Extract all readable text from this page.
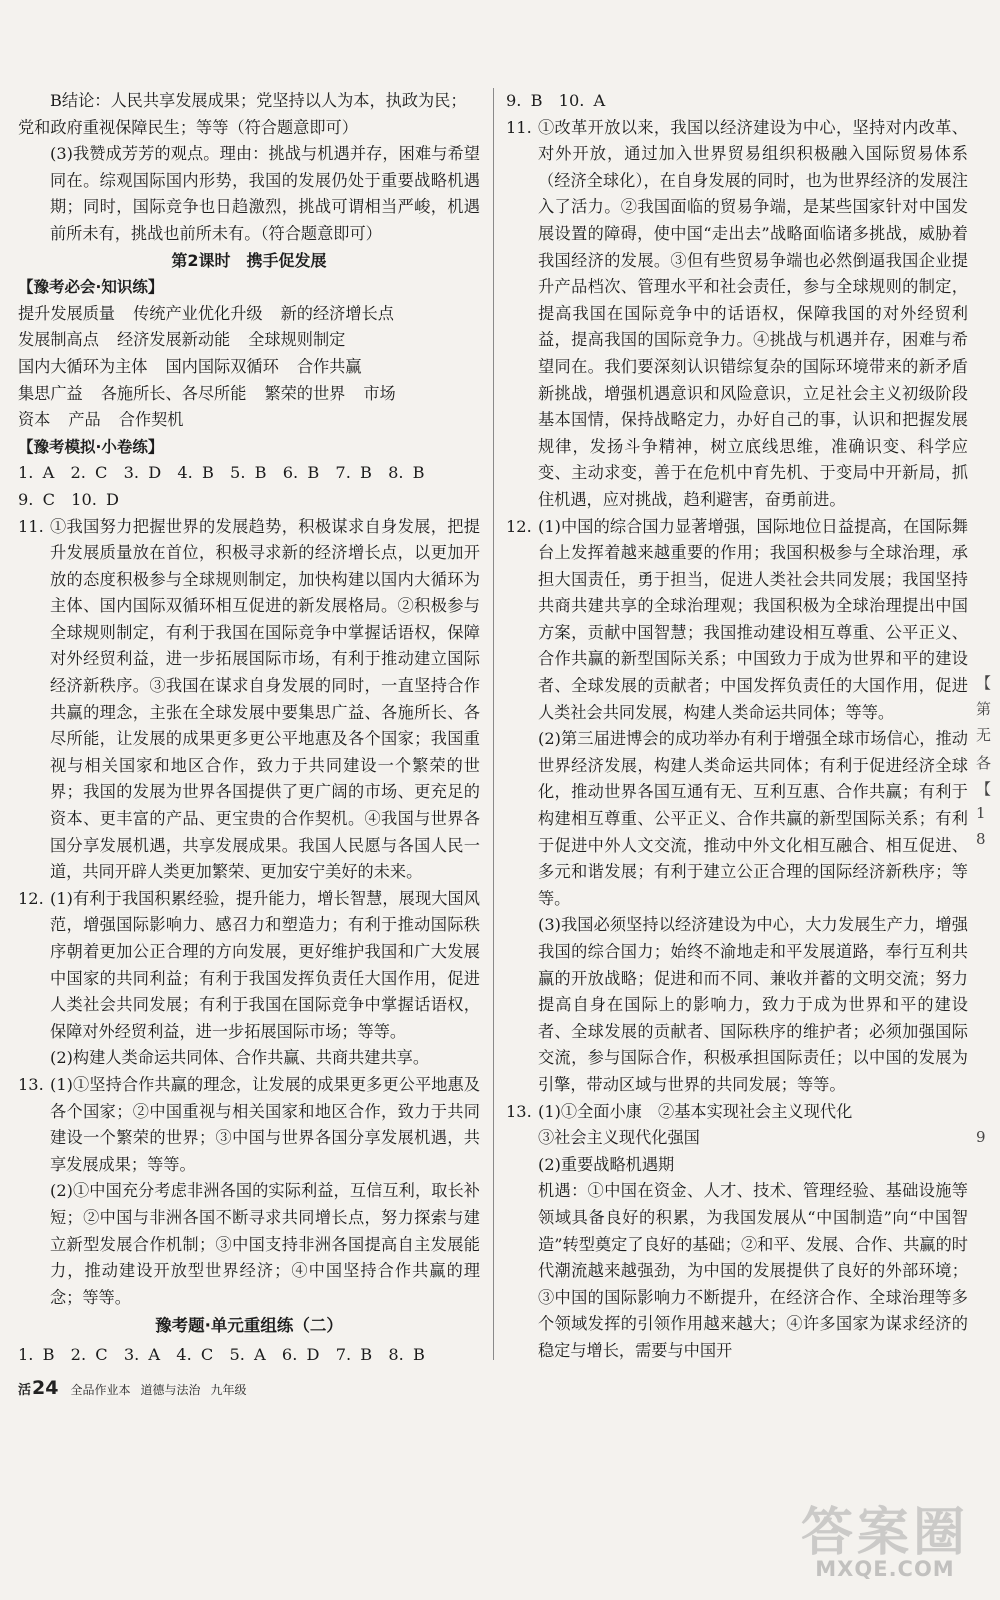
B结论：人民共享发展成果；党坚持以人为本，执政为民；

党和政府重视保障民生；等等（符合题意即可）

(3)我赞成芳芳的观点。理由：挑战与机遇并存，困难与希望同在。综观国际国内形势，我国的发展仍处于重要战略机遇期；同时，国际竞争也日趋激烈，挑战可谓相当严峻，机遇前所未有，挑战也前所未有。（符合题意即可）

第2课时　携手促发展

【豫考必会·知识练】

提升发展质量 传统产业优化升级 新的经济增长点

发展制高点 经济发展新动能 全球规则制定

国内大循环为主体 国内国际双循环 合作共赢

集思广益 各施所长、各尽所能 繁荣的世界 市场

资本 产品 合作契机

【豫考模拟·小卷练】

1. A　2. C　3. D　4. B　5. B　6. B　7. B　8. B

9. C　10. D

11. ①我国努力把握世界的发展趋势，积极谋求自身发展，把提升发展质量放在首位，积极寻求新的经济增长点，以更加开放的态度积极参与全球规则制定，加快构建以国内大循环为主体、国内国际双循环相互促进的新发展格局。②积极参与全球规则制定，有利于我国在国际竞争中掌握话语权，保障对外经贸利益，进一步拓展国际市场，有利于推动建立国际经济新秩序。③我国在谋求自身发展的同时，一直坚持合作共赢的理念，主张在全球发展中要集思广益、各施所长、各尽所能，让发展的成果更多更公平地惠及各个国家；我国重视与相关国家和地区合作，致力于共同建设一个繁荣的世界；我国的发展为世界各国提供了更广阔的市场、更充足的资本、更丰富的产品、更宝贵的合作契机。④我国与世界各国分享发展机遇，共享发展成果。我国人民愿与各国人民一道，共同开辟人类更加繁荣、更加安宁美好的未来。
12. (1)有利于我国积累经验，提升能力，增长智慧，展现大国风范，增强国际影响力、感召力和塑造力；有利于推动国际秩序朝着更加公正合理的方向发展，更好维护我国和广大发展中国家的共同利益；有利于我国发挥负责任大国作用，促进人类社会共同发展；有利于我国在国际竞争中掌握话语权，保障对外经贸利益，进一步拓展国际市场；等等。

(2)构建人类命运共同体、合作共赢、共商共建共享。

13. (1)①坚持合作共赢的理念，让发展的成果更多更公平地惠及各个国家；②中国重视与相关国家和地区合作，致力于共同建设一个繁荣的世界；③中国与世界各国分享发展机遇，共享发展成果；等等。

(2)①中国充分考虑非洲各国的实际利益，互信互利，取长补短；②中国与非洲各国不断寻求共同增长点，努力探索与建立新型发展合作机制；③中国支持非洲各国提高自主发展能力，推动建设开放型世界经济；④中国坚持合作共赢的理念；等等。

豫考题·单元重组练（二）

1. B　2. C　3. A　4. C　5. A　6. D　7. B　8. B

9. B　10. A

11. ①改革开放以来，我国以经济建设为中心，坚持对内改革、对外开放，通过加入世界贸易组织积极融入国际贸易体系（经济全球化），在自身发展的同时，也为世界经济的发展注入了活力。②我国面临的贸易争端，是某些国家针对中国发展设置的障碍，使中国“走出去”战略面临诸多挑战，威胁着我国经济的发展。③但有些贸易争端也必然倒逼我国企业提升产品档次、管理水平和社会责任，参与全球规则的制定，提高我国在国际竞争中的话语权，保障我国的对外经贸利益，提高我国的国际竞争力。④挑战与机遇并存，困难与希望同在。我们要深刻认识错综复杂的国际环境带来的新矛盾新挑战，增强机遇意识和风险意识，立足社会主义初级阶段基本国情，保持战略定力，办好自己的事，认识和把握发展规律，发扬斗争精神，树立底线思维，准确识变、科学应变、主动求变，善于在危机中育先机、于变局中开新局，抓住机遇，应对挑战，趋利避害，奋勇前进。
12. (1)中国的综合国力显著增强，国际地位日益提高，在国际舞台上发挥着越来越重要的作用；我国积极参与全球治理，承担大国责任，勇于担当，促进人类社会共同发展；我国坚持共商共建共享的全球治理观；我国积极为全球治理提出中国方案，贡献中国智慧；我国推动建设相互尊重、公平正义、合作共赢的新型国际关系；中国致力于成为世界和平的建设者、全球发展的贡献者；中国发挥负责任的大国作用，促进人类社会共同发展，构建人类命运共同体；等等。

(2)第三届进博会的成功举办有利于增强全球市场信心，推动世界经济发展，构建人类命运共同体；有利于促进经济全球化，推动世界各国互通有无、互利互惠、合作共赢；有利于构建相互尊重、公平正义、合作共赢的新型国际关系；有利于促进中外人文交流，推动中外文化相互融合、相互促进、多元和谐发展；有利于建立公正合理的国际经济新秩序；等等。

(3)我国必须坚持以经济建设为中心，大力发展生产力，增强我国的综合国力；始终不渝地走和平发展道路，奉行互利共赢的开放战略；促进和而不同、兼收并蓄的文明交流；努力提高自身在国际上的影响力，致力于成为世界和平的建设者、全球发展的贡献者、国际秩序的维护者；必须加强国际交流，参与国际合作，积极承担国际责任；以中国的发展为引擎，带动区域与世界的共同发展；等等。

13. (1)①全面小康　②基本实现社会主义现代化

③社会主义现代化强国

(2)重要战略机遇期

机遇：①中国在资金、人才、技术、管理经验、基础设施等领域具备良好的积累，为我国发展从“中国制造”向“中国智造”转型奠定了良好的基础；②和平、发展、合作、共赢的时代潮流越来越强劲，为中国的发展提供了良好的外部环境；③中国的国际影响力不断提升，在经济合作、全球治理等多个领域发挥的引领作用越来越大；④许多国家为谋求经济的稳定与增长，需要与中国开

【
第
无
各
【
1
8
9
活24 全品作业本 道德与法治 九年级
答案圈
MXQE.COM
